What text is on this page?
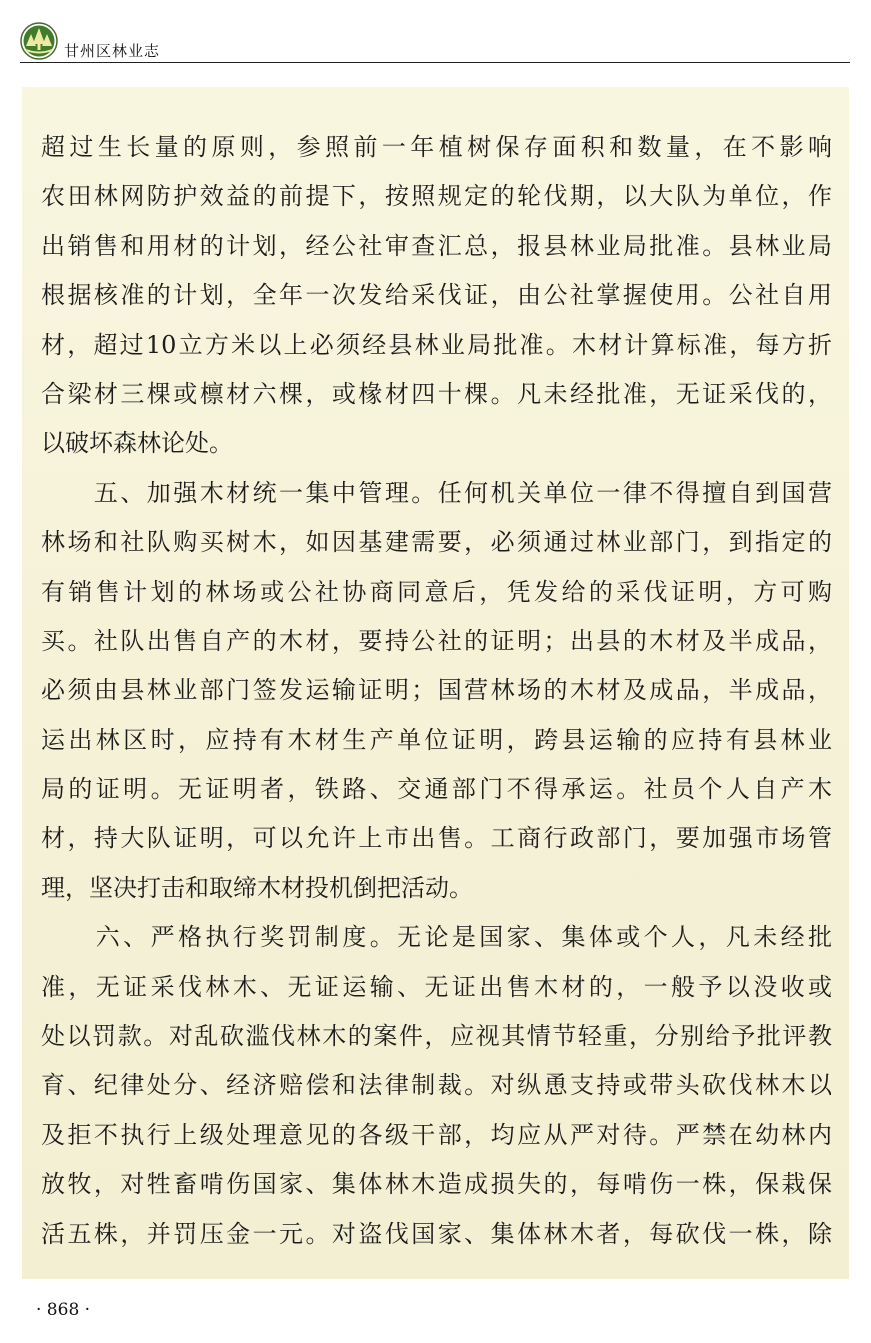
甘州区林业志
超过生长量的原则，参照前一年植树保存面积和数量，在不影响
农田林网防护效益的前提下，按照规定的轮伐期，以大队为单位，作
出销售和用材的计划，经公社审查汇总，报县林业局批准。县林业局
根据核准的计划，全年一次发给采伐证，由公社掌握使用。公社自用
材，超过10立方米以上必须经县林业局批准。木材计算标准，每方折
合梁材三棵或檩材六棵，或椽材四十棵。凡未经批准，无证采伐的，
以破坏森林论处。
　　五、加强木材统一集中管理。任何机关单位一律不得擅自到国营
林场和社队购买树木，如因基建需要，必须通过林业部门，到指定的
有销售计划的林场或公社协商同意后，凭发给的采伐证明，方可购
买。社队出售自产的木材，要持公社的证明；出县的木材及半成品，
必须由县林业部门签发运输证明；国营林场的木材及成品，半成品，
运出林区时，应持有木材生产单位证明，跨县运输的应持有县林业
局的证明。无证明者，铁路、交通部门不得承运。社员个人自产木
材，持大队证明，可以允许上市出售。工商行政部门，要加强市场管
理，坚决打击和取缔木材投机倒把活动。
　　六、严格执行奖罚制度。无论是国家、集体或个人，凡未经批
准，无证采伐林木、无证运输、无证出售木材的，一般予以没收或
处以罚款。对乱砍滥伐林木的案件，应视其情节轻重，分别给予批评教
育、纪律处分、经济赔偿和法律制裁。对纵恿支持或带头砍伐林木以
及拒不执行上级处理意见的各级干部，均应从严对待。严禁在幼林内
放牧，对牲畜啃伤国家、集体林木造成损失的，每啃伤一株，保栽保
活五株，并罚压金一元。对盗伐国家、集体林木者，每砍伐一株，除
· 868 ·
